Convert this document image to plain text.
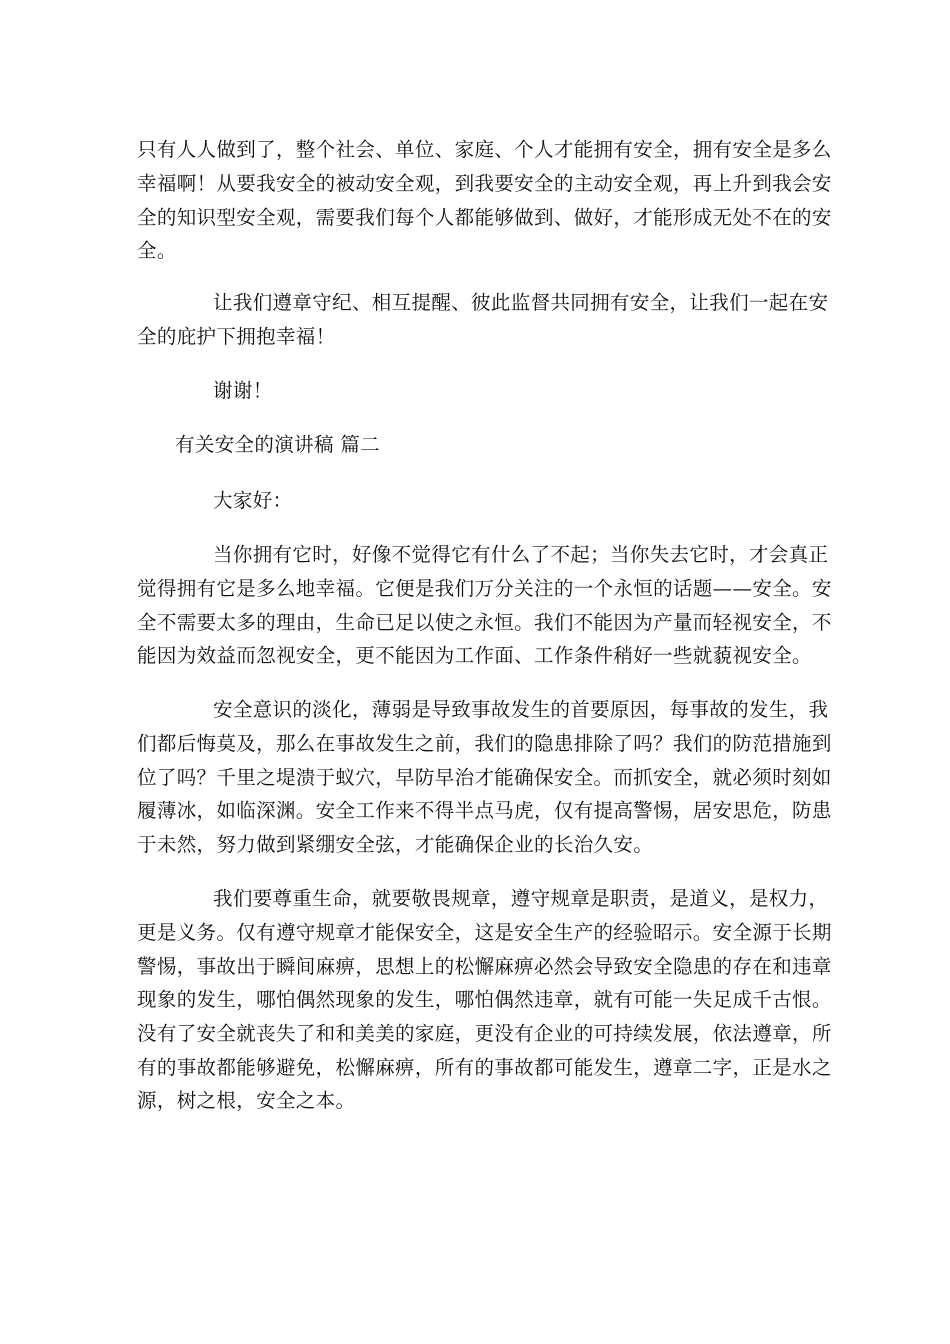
只有人人做到了，整个社会、单位、家庭、个人才能拥有安全，拥有安全是多么
幸福啊！从要我安全的被动安全观，到我要安全的主动安全观，再上升到我会安
全的知识型安全观，需要我们每个人都能够做到、做好，才能形成无处不在的安
全。
让我们遵章守纪、相互提醒、彼此监督共同拥有安全，让我们一起在安
全的庇护下拥抱幸福！
谢谢！
有关安全的演讲稿 篇二
大家好：
当你拥有它时，好像不觉得它有什么了不起；当你失去它时，才会真正
觉得拥有它是多么地幸福。它便是我们万分关注的一个永恒的话题——安全。安
全不需要太多的理由，生命已足以使之永恒。我们不能因为产量而轻视安全，不
能因为效益而忽视安全，更不能因为工作面、工作条件稍好一些就藐视安全。
安全意识的淡化，薄弱是导致事故发生的首要原因，每事故的发生，我
们都后悔莫及，那么在事故发生之前，我们的隐患排除了吗？我们的防范措施到
位了吗？千里之堤溃于蚁穴，早防早治才能确保安全。而抓安全，就必须时刻如
履薄冰，如临深渊。安全工作来不得半点马虎，仅有提高警惕，居安思危，防患
于未然，努力做到紧绷安全弦，才能确保企业的长治久安。
我们要尊重生命，就要敬畏规章，遵守规章是职责，是道义，是权力，
更是义务。仅有遵守规章才能保安全，这是安全生产的经验昭示。安全源于长期
警惕，事故出于瞬间麻痹，思想上的松懈麻痹必然会导致安全隐患的存在和违章
现象的发生，哪怕偶然现象的发生，哪怕偶然违章，就有可能一失足成千古恨。
没有了安全就丧失了和和美美的家庭，更没有企业的可持续发展，依法遵章，所
有的事故都能够避免，松懈麻痹，所有的事故都可能发生，遵章二字，正是水之
源，树之根，安全之本。
